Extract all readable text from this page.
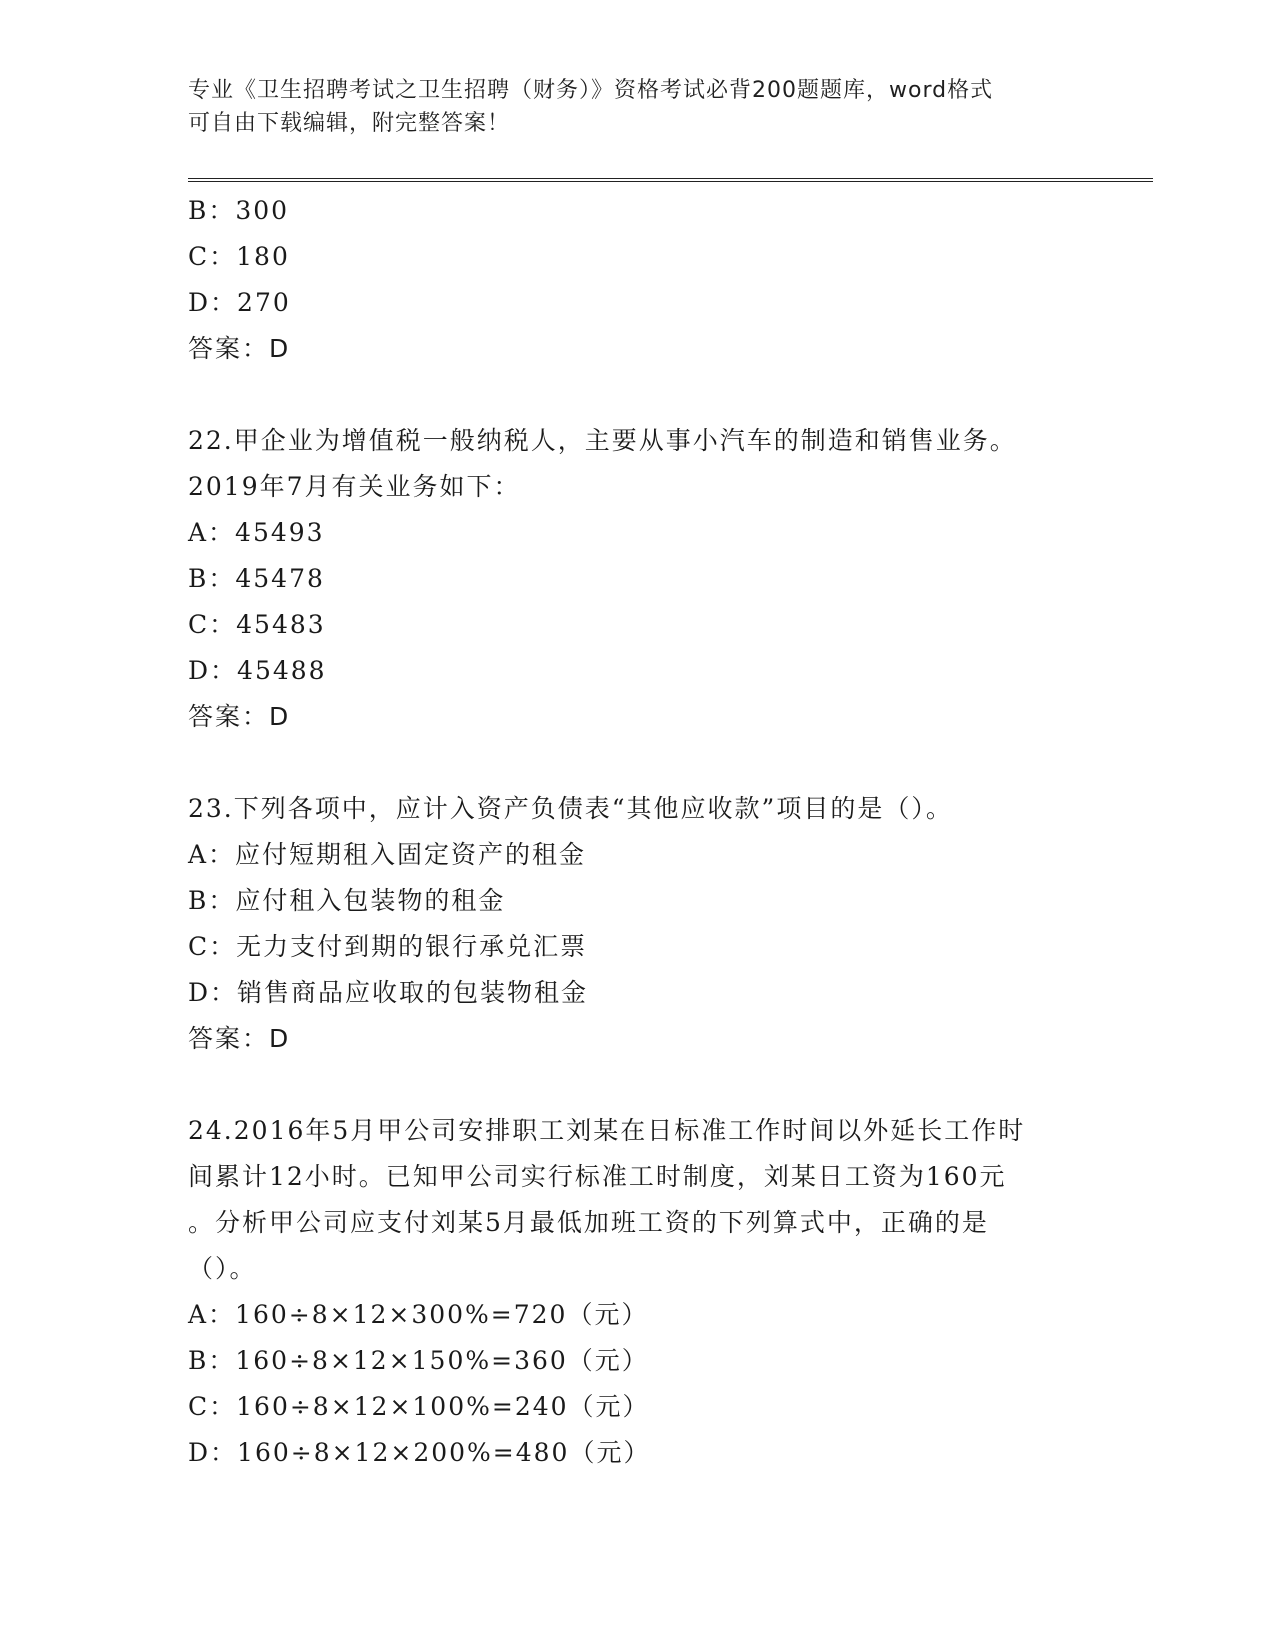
专业《卫生招聘考试之卫生招聘（财务）》资格考试必背200题题库，word格式
可自由下载编辑，附完整答案！
B：300
C：180
D：270
答案：D
22.甲企业为增值税一般纳税人，主要从事小汽车的制造和销售业务。
2019年7月有关业务如下：
A：45493
B：45478
C：45483
D：45488
答案：D
23.下列各项中，应计入资产负债表“其他应收款”项目的是（）。
A：应付短期租入固定资产的租金
B：应付租入包装物的租金
C：无力支付到期的银行承兑汇票
D：销售商品应收取的包装物租金
答案：D
24.2016年5月甲公司安排职工刘某在日标准工作时间以外延长工作时
间累计12小时。已知甲公司实行标准工时制度，刘某日工资为160元
。分析甲公司应支付刘某5月最低加班工资的下列算式中，正确的是
（）。
A：160÷8×12×300%=720（元）
B：160÷8×12×150%=360（元）
C：160÷8×12×100%=240（元）
D：160÷8×12×200%=480（元）
